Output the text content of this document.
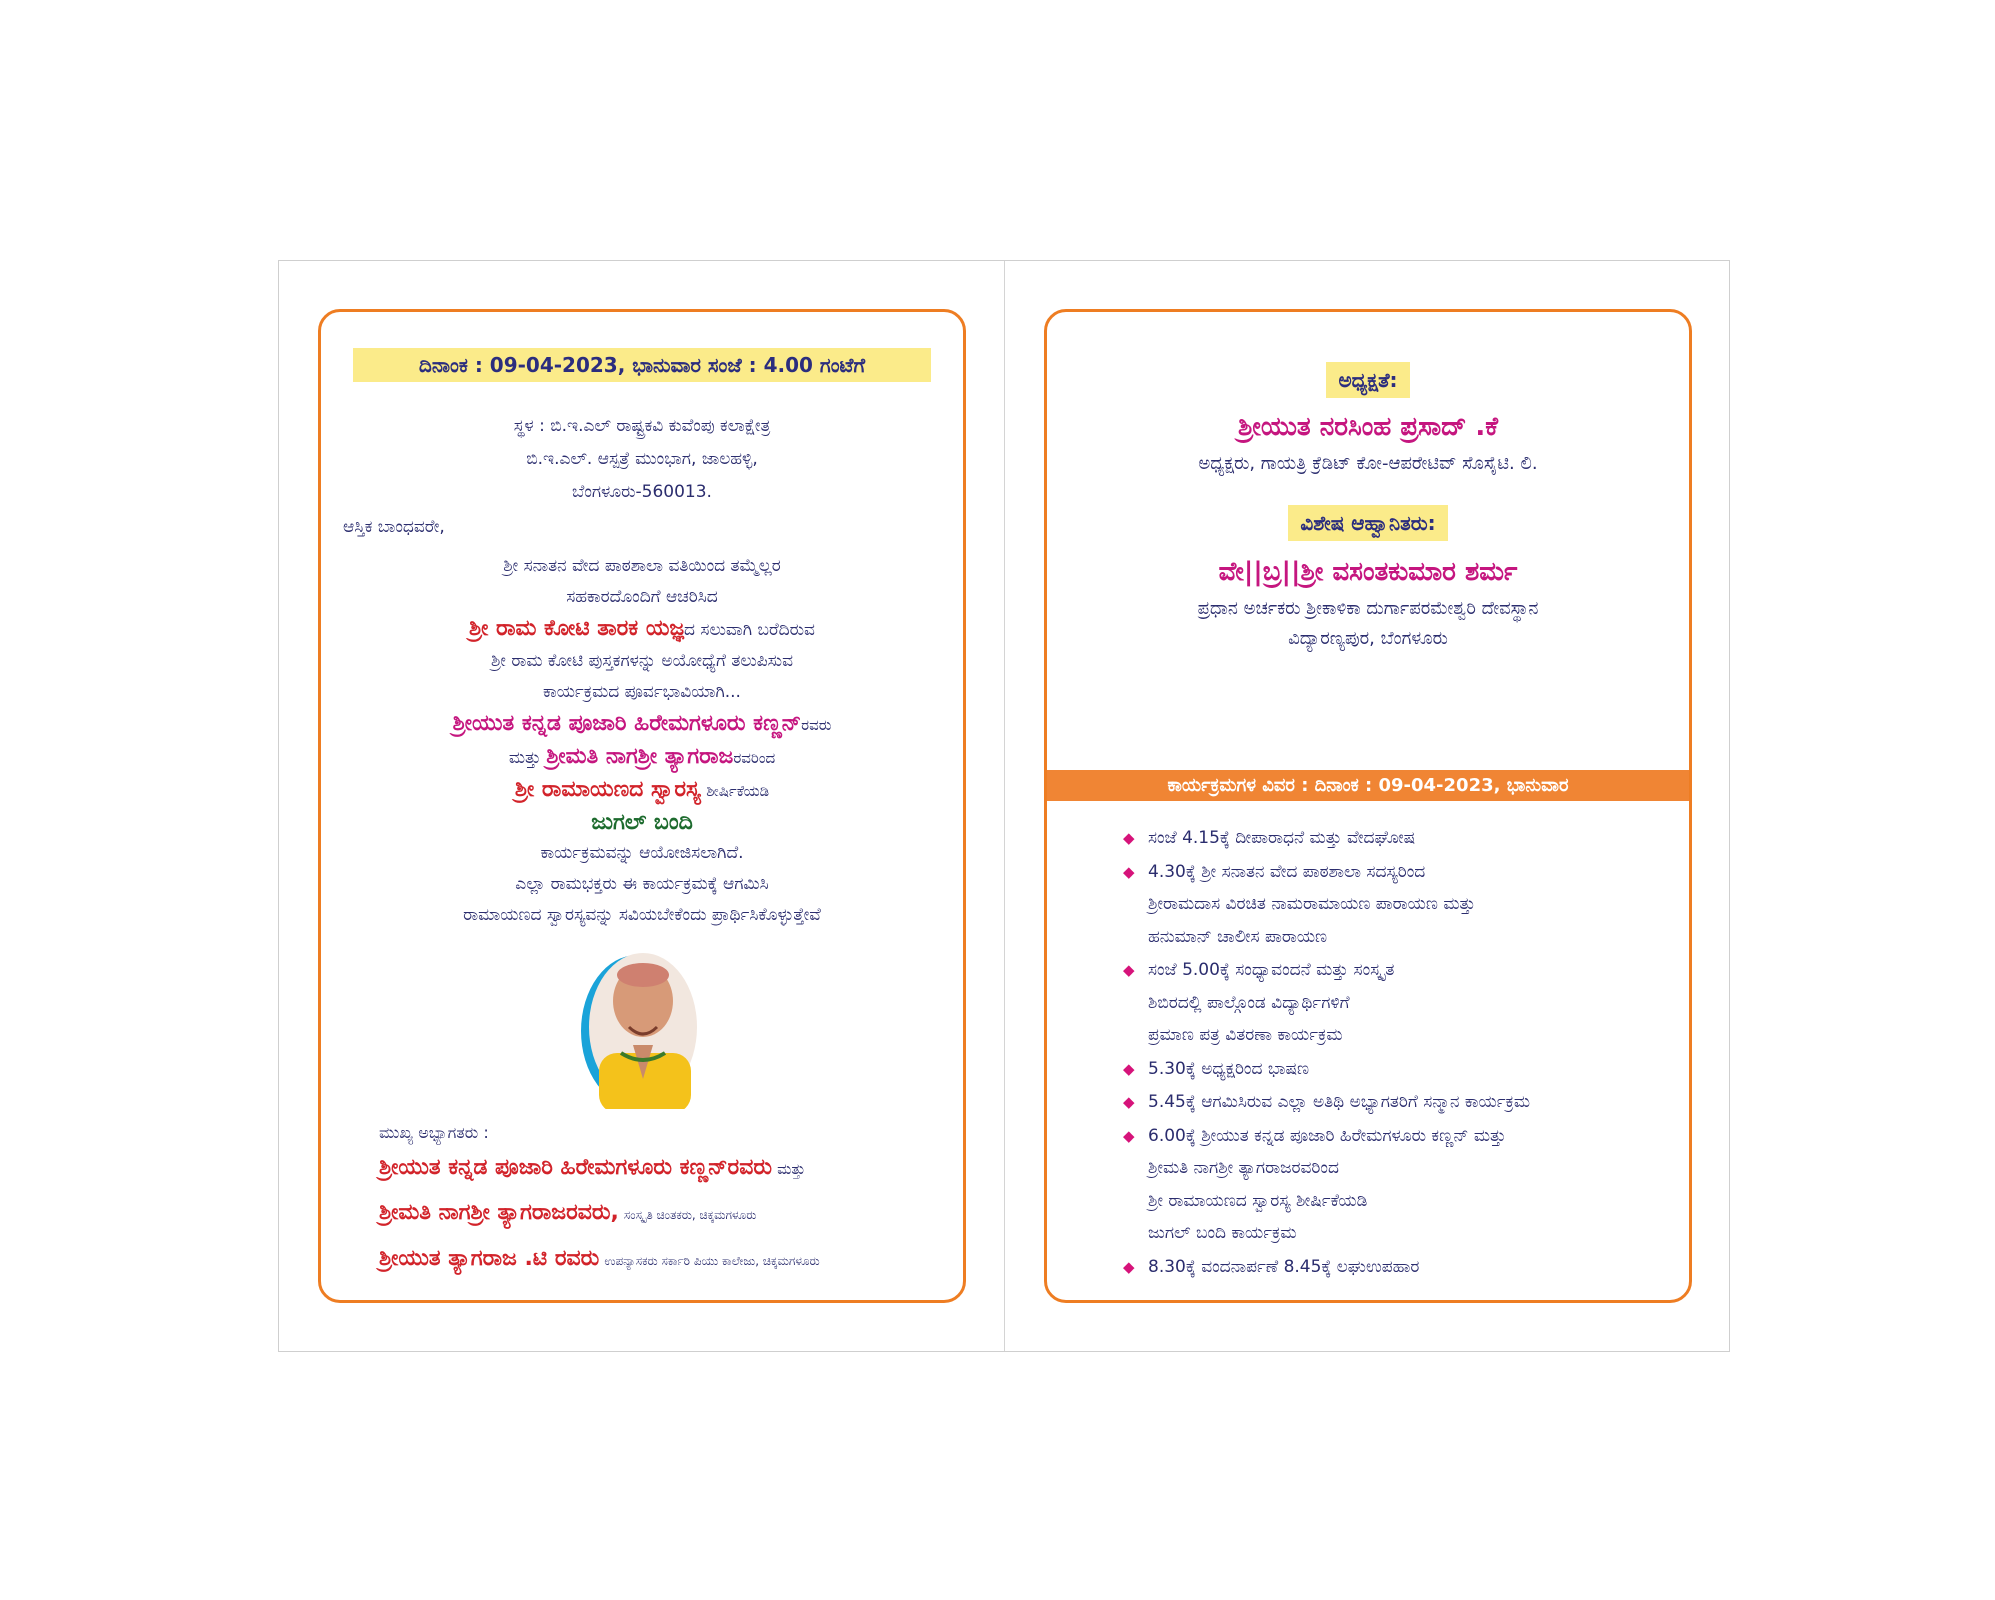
ದಿನಾಂಕ : 09-04-2023, ಭಾನುವಾರ ಸಂಜೆ : 4.00 ಗಂಟೆಗೆ
ಸ್ಥಳ : ಬಿ.ಇ.ಎಲ್ ರಾಷ್ಟ್ರಕವಿ ಕುವೆಂಪು ಕಲಾಕ್ಷೇತ್ರ
ಬಿ.ಇ.ಎಲ್. ಆಸ್ಪತ್ರೆ ಮುಂಭಾಗ, ಜಾಲಹಳ್ಳಿ,
ಬೆಂಗಳೂರು-560013.
ಆಸ್ತಿಕ ಬಾಂಧವರೇ,
ಶ್ರೀ ಸನಾತನ ವೇದ ಪಾಠಶಾಲಾ ವತಿಯಿಂದ ತಮ್ಮೆಲ್ಲರ
ಸಹಕಾರದೊಂದಿಗೆ ಆಚರಿಸಿದ
ಶ್ರೀ ರಾಮ ಕೋಟಿ ತಾರಕ ಯಜ್ಞದ ಸಲುವಾಗಿ ಬರೆದಿರುವ
ಶ್ರೀ ರಾಮ ಕೋಟಿ ಪುಸ್ತಕಗಳನ್ನು ಅಯೋಧ್ಯೆಗೆ ತಲುಪಿಸುವ
ಕಾರ್ಯಕ್ರಮದ ಪೂರ್ವಭಾವಿಯಾಗಿ...
ಶ್ರೀಯುತ ಕನ್ನಡ ಪೂಜಾರಿ ಹಿರೇಮಗಳೂರು ಕಣ್ಣನ್ರವರು
ಮತ್ತು ಶ್ರೀಮತಿ ನಾಗಶ್ರೀ ತ್ಯಾಗರಾಜರವರಿಂದ
ಶ್ರೀ ರಾಮಾಯಣದ ಸ್ವಾರಸ್ಯ ಶೀರ್ಷಿಕೆಯಡಿ
ಜುಗಲ್ ಬಂದಿ
ಕಾರ್ಯಕ್ರಮವನ್ನು ಆಯೋಜಿಸಲಾಗಿದೆ.
ಎಲ್ಲಾ ರಾಮಭಕ್ತರು ಈ ಕಾರ್ಯಕ್ರಮಕ್ಕೆ ಆಗಮಿಸಿ
ರಾಮಾಯಣದ ಸ್ವಾರಸ್ಯವನ್ನು ಸವಿಯಬೇಕೆಂದು ಪ್ರಾರ್ಥಿಸಿಕೊಳ್ಳುತ್ತೇವೆ
ಮುಖ್ಯ ಅಭ್ಯಾಗತರು :
ಶ್ರೀಯುತ ಕನ್ನಡ ಪೂಜಾರಿ ಹಿರೇಮಗಳೂರು ಕಣ್ಣನ್‌ರವರು ಮತ್ತು
ಶ್ರೀಮತಿ ನಾಗಶ್ರೀ ತ್ಯಾಗರಾಜರವರು, ಸಂಸ್ಕೃತಿ ಚಿಂತಕರು, ಚಿಕ್ಕಮಗಳೂರು
ಶ್ರೀಯುತ ತ್ಯಾಗರಾಜ .ಟಿ ರವರು ಉಪನ್ಯಾಸಕರು ಸರ್ಕಾರಿ ಪಿಯು ಕಾಲೇಜು, ಚಿಕ್ಕಮಗಳೂರು
ಅಧ್ಯಕ್ಷತೆ:
ಶ್ರೀಯುತ ನರಸಿಂಹ ಪ್ರಸಾದ್ .ಕೆ
ಅಧ್ಯಕ್ಷರು, ಗಾಯತ್ರಿ ಕ್ರೆಡಿಟ್ ಕೋ-ಆಪರೇಟಿವ್ ಸೊಸೈಟಿ. ಲಿ.
ವಿಶೇಷ ಆಹ್ವಾನಿತರು:
ವೇ||ಬ್ರ||ಶ್ರೀ ವಸಂತಕುಮಾರ ಶರ್ಮ
ಪ್ರಧಾನ ಅರ್ಚಕರು ಶ್ರೀಕಾಳಿಕಾ ದುರ್ಗಾಪರಮೇಶ್ವರಿ ದೇವಸ್ಥಾನ
ವಿದ್ಯಾರಣ್ಯಪುರ, ಬೆಂಗಳೂರು
ಕಾರ್ಯಕ್ರಮಗಳ ವಿವರ : ದಿನಾಂಕ : 09-04-2023, ಭಾನುವಾರ
◆ ಸಂಜೆ 4.15ಕ್ಕೆ ದೀಪಾರಾಧನೆ ಮತ್ತು ವೇದಘೋಷ
◆ 4.30ಕ್ಕೆ ಶ್ರೀ ಸನಾತನ ವೇದ ಪಾಠಶಾಲಾ ಸದಸ್ಯರಿಂದ
ಶ್ರೀರಾಮದಾಸ ವಿರಚಿತ ನಾಮರಾಮಾಯಣ ಪಾರಾಯಣ ಮತ್ತು
ಹನುಮಾನ್ ಚಾಲೀಸ ಪಾರಾಯಣ
◆ ಸಂಜೆ 5.00ಕ್ಕೆ ಸಂಧ್ಯಾವಂದನೆ ಮತ್ತು ಸಂಸ್ಕೃತ
ಶಿಬಿರದಲ್ಲಿ ಪಾಲ್ಗೊಂಡ ವಿದ್ಯಾರ್ಥಿಗಳಿಗೆ
ಪ್ರಮಾಣ ಪತ್ರ ವಿತರಣಾ ಕಾರ್ಯಕ್ರಮ
◆ 5.30ಕ್ಕೆ ಅಧ್ಯಕ್ಷರಿಂದ ಭಾಷಣ
◆ 5.45ಕ್ಕೆ ಆಗಮಿಸಿರುವ ಎಲ್ಲಾ ಅತಿಥಿ ಅಭ್ಯಾಗತರಿಗೆ ಸನ್ಮಾನ ಕಾರ್ಯಕ್ರಮ
◆ 6.00ಕ್ಕೆ ಶ್ರೀಯುತ ಕನ್ನಡ ಪೂಜಾರಿ ಹಿರೇಮಗಳೂರು ಕಣ್ಣನ್ ಮತ್ತು
ಶ್ರೀಮತಿ ನಾಗಶ್ರೀ ತ್ಯಾಗರಾಜರವರಿಂದ
ಶ್ರೀ ರಾಮಾಯಣದ ಸ್ವಾರಸ್ಯ ಶೀರ್ಷಿಕೆಯಡಿ
ಜುಗಲ್ ಬಂದಿ ಕಾರ್ಯಕ್ರಮ
◆ 8.30ಕ್ಕೆ ವಂದನಾರ್ಪಣೆ 8.45ಕ್ಕೆ ಲಘುಉಪಹಾರ
